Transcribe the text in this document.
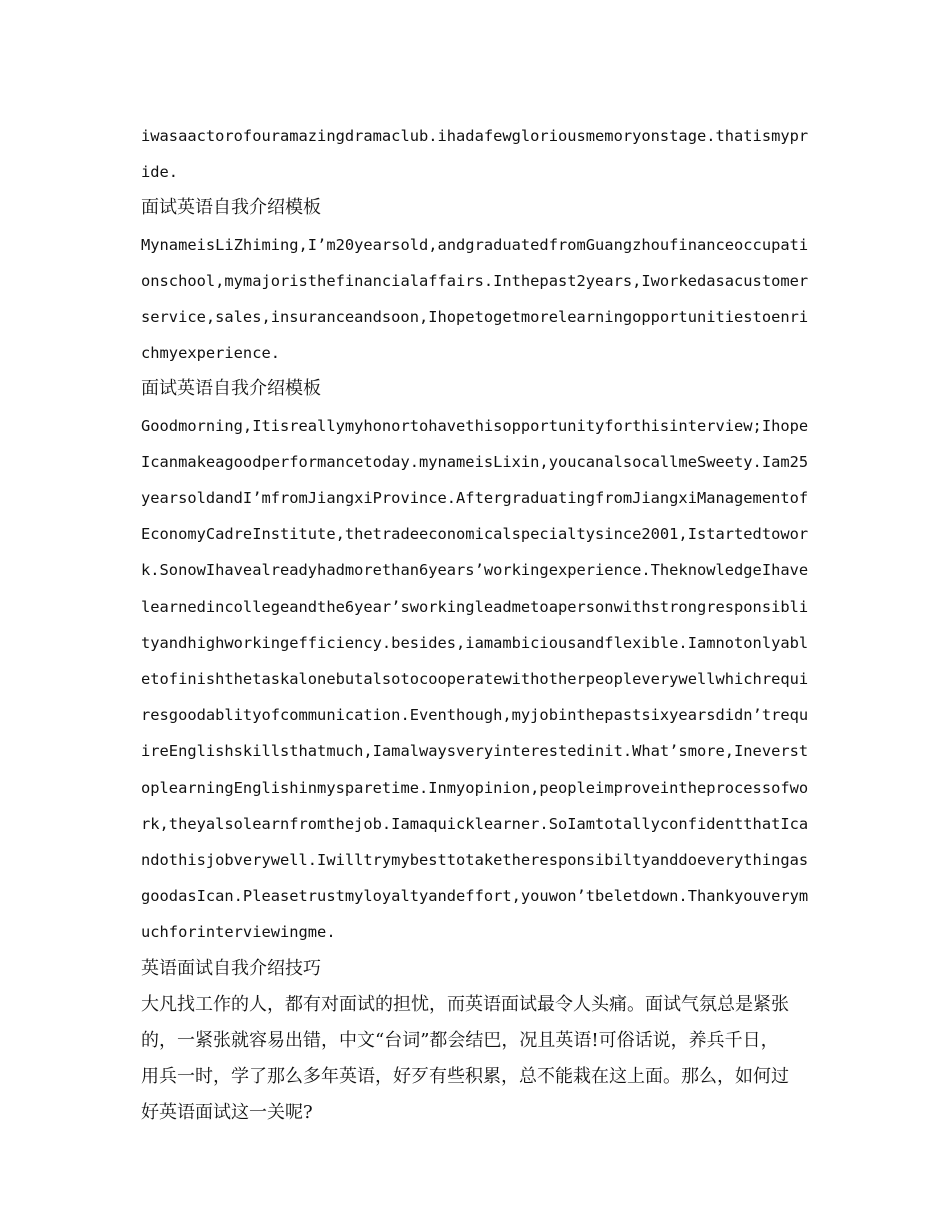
iwasaactorofouramazingdramaclub.ihadafewgloriousmemoryonstage.thatismypr

ide.

面试英语自我介绍模板

MynameisLiZhiming,I’m20yearsold,andgraduatedfromGuangzhoufinanceoccupati

onschool,mymajoristhefinancialaffairs.Inthepast2years,Iworkedasacustomer

service,sales,insuranceandsoon,Ihopetogetmorelearningopportunitiestoenri

chmyexperience.

面试英语自我介绍模板

Goodmorning,Itisreallymyhonortohavethisopportunityforthisinterview;Ihope

Icanmakeagoodperformancetoday.mynameisLixin,youcanalsocallmeSweety.Iam25

yearsoldandI’mfromJiangxiProvince.AftergraduatingfromJiangxiManagementof

EconomyCadreInstitute,thetradeeconomicalspecialtysince2001,Istartedtowor

k.SonowIhavealreadyhadmorethan6years’workingexperience.TheknowledgeIhave

learnedincollegeandthe6year’sworkingleadmetoapersonwithstrongresponsibli

tyandhighworkingefficiency.besides,iamambiciousandflexible.Iamnotonlyabl

etofinishthetaskalonebutalsotocooperatewithotherpeopleverywellwhichrequi

resgoodablityofcommunication.Eventhough,myjobinthepastsixyearsdidn’trequ

ireEnglishskillsthatmuch,Iamalwaysveryinterestedinit.What’smore,Ineverst

oplearningEnglishinmysparetime.Inmyopinion,peopleimproveintheprocessofwo

rk,theyalsolearnfromthejob.Iamaquicklearner.SoIamtotallyconfidentthatIca

ndothisjobverywell.Iwilltrymybesttotaketheresponsibiltyanddoeverythingas

goodasIcan.Pleasetrustmyloyaltyandeffort,youwon’tbeletdown.Thankyouverym

uchforinterviewingme.

英语面试自我介绍技巧

大凡找工作的人，都有对面试的担忧，而英语面试最令人头痛。面试气氛总是紧张

的，一紧张就容易出错，中文“台词”都会结巴，况且英语!可俗话说，养兵千日，

用兵一时，学了那么多年英语，好歹有些积累，总不能栽在这上面。那么，如何过

好英语面试这一关呢?
